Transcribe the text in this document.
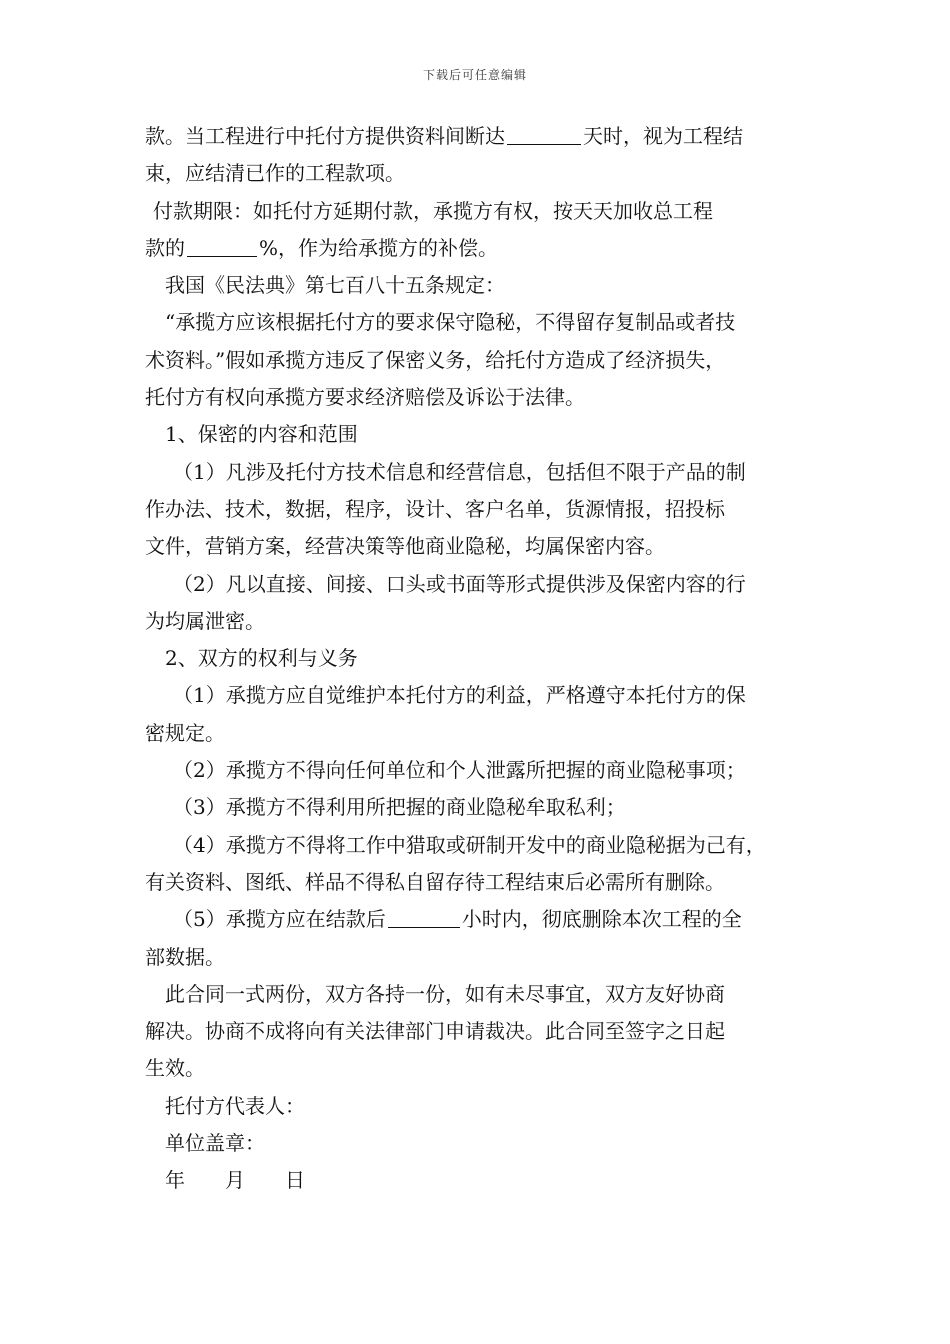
下载后可任意编辑
款。当工程进行中托付方提供资料间断达	天时，视为工程结
束，应结清已作的工程款项。
付款期限：如托付方延期付款，承揽方有权，按天天加收总工程
款的	%，作为给承揽方的补偿。
我国《民法典》第七百八十五条规定：
“承揽方应该根据托付方的要求保守隐秘，不得留存复制品或者技
术资料。”假如承揽方违反了保密义务，给托付方造成了经济损失，
托付方有权向承揽方要求经济赔偿及诉讼于法律。
1、保密的内容和范围
（1）凡涉及托付方技术信息和经营信息，包括但不限于产品的制
作办法、技术，数据，程序，设计、客户名单，货源情报，招投标
文件，营销方案，经营决策等他商业隐秘，均属保密内容。
（2）凡以直接、间接、口头或书面等形式提供涉及保密内容的行
为均属泄密。
2、双方的权利与义务
（1）承揽方应自觉维护本托付方的利益，严格遵守本托付方的保
密规定。
（2）承揽方不得向任何单位和个人泄露所把握的商业隐秘事项；
（3）承揽方不得利用所把握的商业隐秘牟取私利；
（4）承揽方不得将工作中猎取或研制开发中的商业隐秘据为己有，
有关资料、图纸、样品不得私自留存待工程结束后必需所有删除。
（5）承揽方应在结款后	小时内，彻底删除本次工程的全
部数据。
此合同一式两份，双方各持一份，如有未尽事宜，双方友好协商
解决。协商不成将向有关法律部门申请裁决。此合同至签字之日起
生效。
托付方代表人：
单位盖章：
年 月 日
